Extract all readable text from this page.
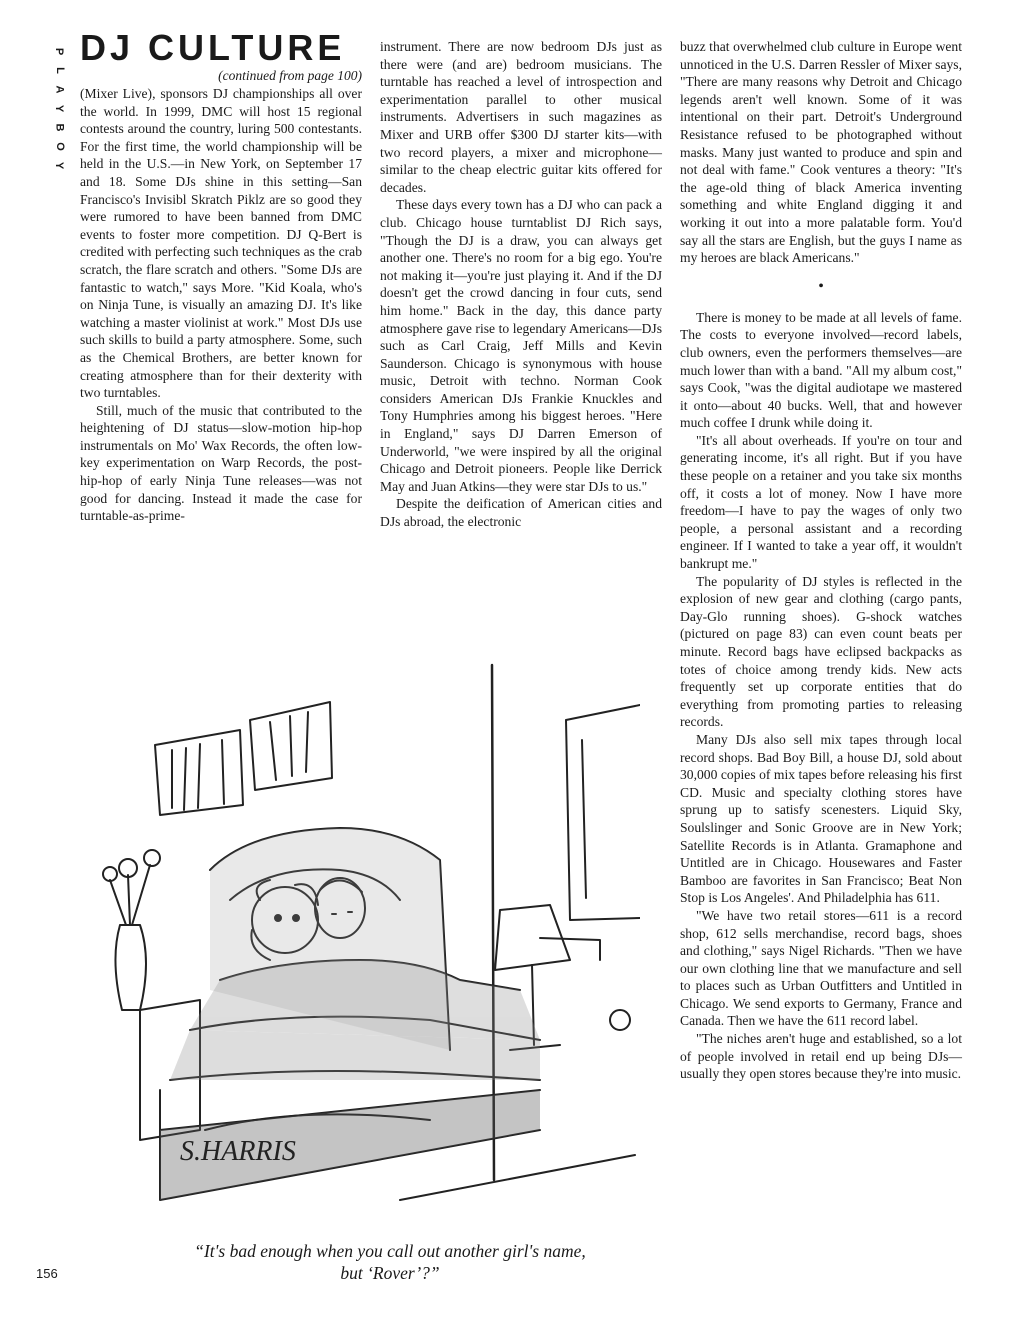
P
L
A
Y
B
O
Y
DJ CULTURE
(continued from page 100)

(Mixer Live), sponsors DJ championships all over the world. In 1999, DMC will host 15 regional contests around the country, luring 500 contestants. For the first time, the world championship will be held in the U.S.—in New York, on September 17 and 18. Some DJs shine in this setting—San Francisco's Invisibl Skratch Piklz are so good they were rumored to have been banned from DMC events to foster more competition. DJ Q-Bert is credited with perfecting such techniques as the crab scratch, the flare scratch and others. "Some DJs are fantastic to watch," says More. "Kid Koala, who's on Ninja Tune, is visually an amazing DJ. It's like watching a master violinist at work." Most DJs use such skills to build a party atmosphere. Some, such as the Chemical Brothers, are better known for creating atmosphere than for their dexterity with two turntables.

Still, much of the music that contributed to the heightening of DJ status—slow-motion hip-hop instrumentals on Mo' Wax Records, the often low-key experimentation on Warp Records, the post-hip-hop of early Ninja Tune releases—was not good for dancing. Instead it made the case for turntable-as-prime-

instrument. There are now bedroom DJs just as there were (and are) bedroom musicians. The turntable has reached a level of introspection and experimentation parallel to other musical instruments. Advertisers in such magazines as Mixer and URB offer $300 DJ starter kits—with two record players, a mixer and microphone—similar to the cheap electric guitar kits offered for decades.

These days every town has a DJ who can pack a club. Chicago house turntablist DJ Rich says, "Though the DJ is a draw, you can always get another one. There's no room for a big ego. You're not making it—you're just playing it. And if the DJ doesn't get the crowd dancing in four cuts, send him home." Back in the day, this dance party atmosphere gave rise to legendary Americans—DJs such as Carl Craig, Jeff Mills and Kevin Saunderson. Chicago is synonymous with house music, Detroit with techno. Norman Cook considers American DJs Frankie Knuckles and Tony Humphries among his biggest heroes. "Here in England," says DJ Darren Emerson of Underworld, "we were inspired by all the original Chicago and Detroit pioneers. People like Derrick May and Juan Atkins—they were star DJs to us."

Despite the deification of American cities and DJs abroad, the electronic

buzz that overwhelmed club culture in Europe went unnoticed in the U.S. Darren Ressler of Mixer says, "There are many reasons why Detroit and Chicago legends aren't well known. Some of it was intentional on their part. Detroit's Underground Resistance refused to be photographed without masks. Many just wanted to produce and spin and not deal with fame." Cook ventures a theory: "It's the age-old thing of black America inventing something and white England digging it and working it out into a more palatable form. You'd say all the stars are English, but the guys I name as my heroes are black Americans."

•

There is money to be made at all levels of fame. The costs to everyone involved—record labels, club owners, even the performers themselves—are much lower than with a band. "All my album cost," says Cook, "was the digital audiotape we mastered it onto—about 40 bucks. Well, that and however much coffee I drunk while doing it.

"It's all about overheads. If you're on tour and generating income, it's all right. But if you have these people on a retainer and you take six months off, it costs a lot of money. Now I have more freedom—I have to pay the wages of only two people, a personal assistant and a recording engineer. If I wanted to take a year off, it wouldn't bankrupt me."

The popularity of DJ styles is reflected in the explosion of new gear and clothing (cargo pants, Day-Glo running shoes). G-shock watches (pictured on page 83) can even count beats per minute. Record bags have eclipsed backpacks as totes of choice among trendy kids. New acts frequently set up corporate entities that do everything from promoting parties to releasing records.

Many DJs also sell mix tapes through local record shops. Bad Boy Bill, a house DJ, sold about 30,000 copies of mix tapes before releasing his first CD. Music and specialty clothing stores have sprung up to satisfy scenesters. Liquid Sky, Soulslinger and Sonic Groove are in New York; Satellite Records is in Atlanta. Gramaphone and Untitled are in Chicago. Housewares and Faster Bamboo are favorites in San Francisco; Beat Non Stop is Los Angeles'. And Philadelphia has 611.

"We have two retail stores—611 is a record shop, 612 sells merchandise, record bags, shoes and clothing," says Nigel Richards. "Then we have our own clothing line that we manufacture and sell to places such as Urban Outfitters and Untitled in Chicago. We send exports to Germany, France and Canada. Then we have the 611 record label.

"The niches aren't huge and established, so a lot of people involved in retail end up being DJs—usually they open stores because they're into music.

S.HARRIS
“It's bad enough when you call out another girl's name,
but ‘Rover’?”
156
